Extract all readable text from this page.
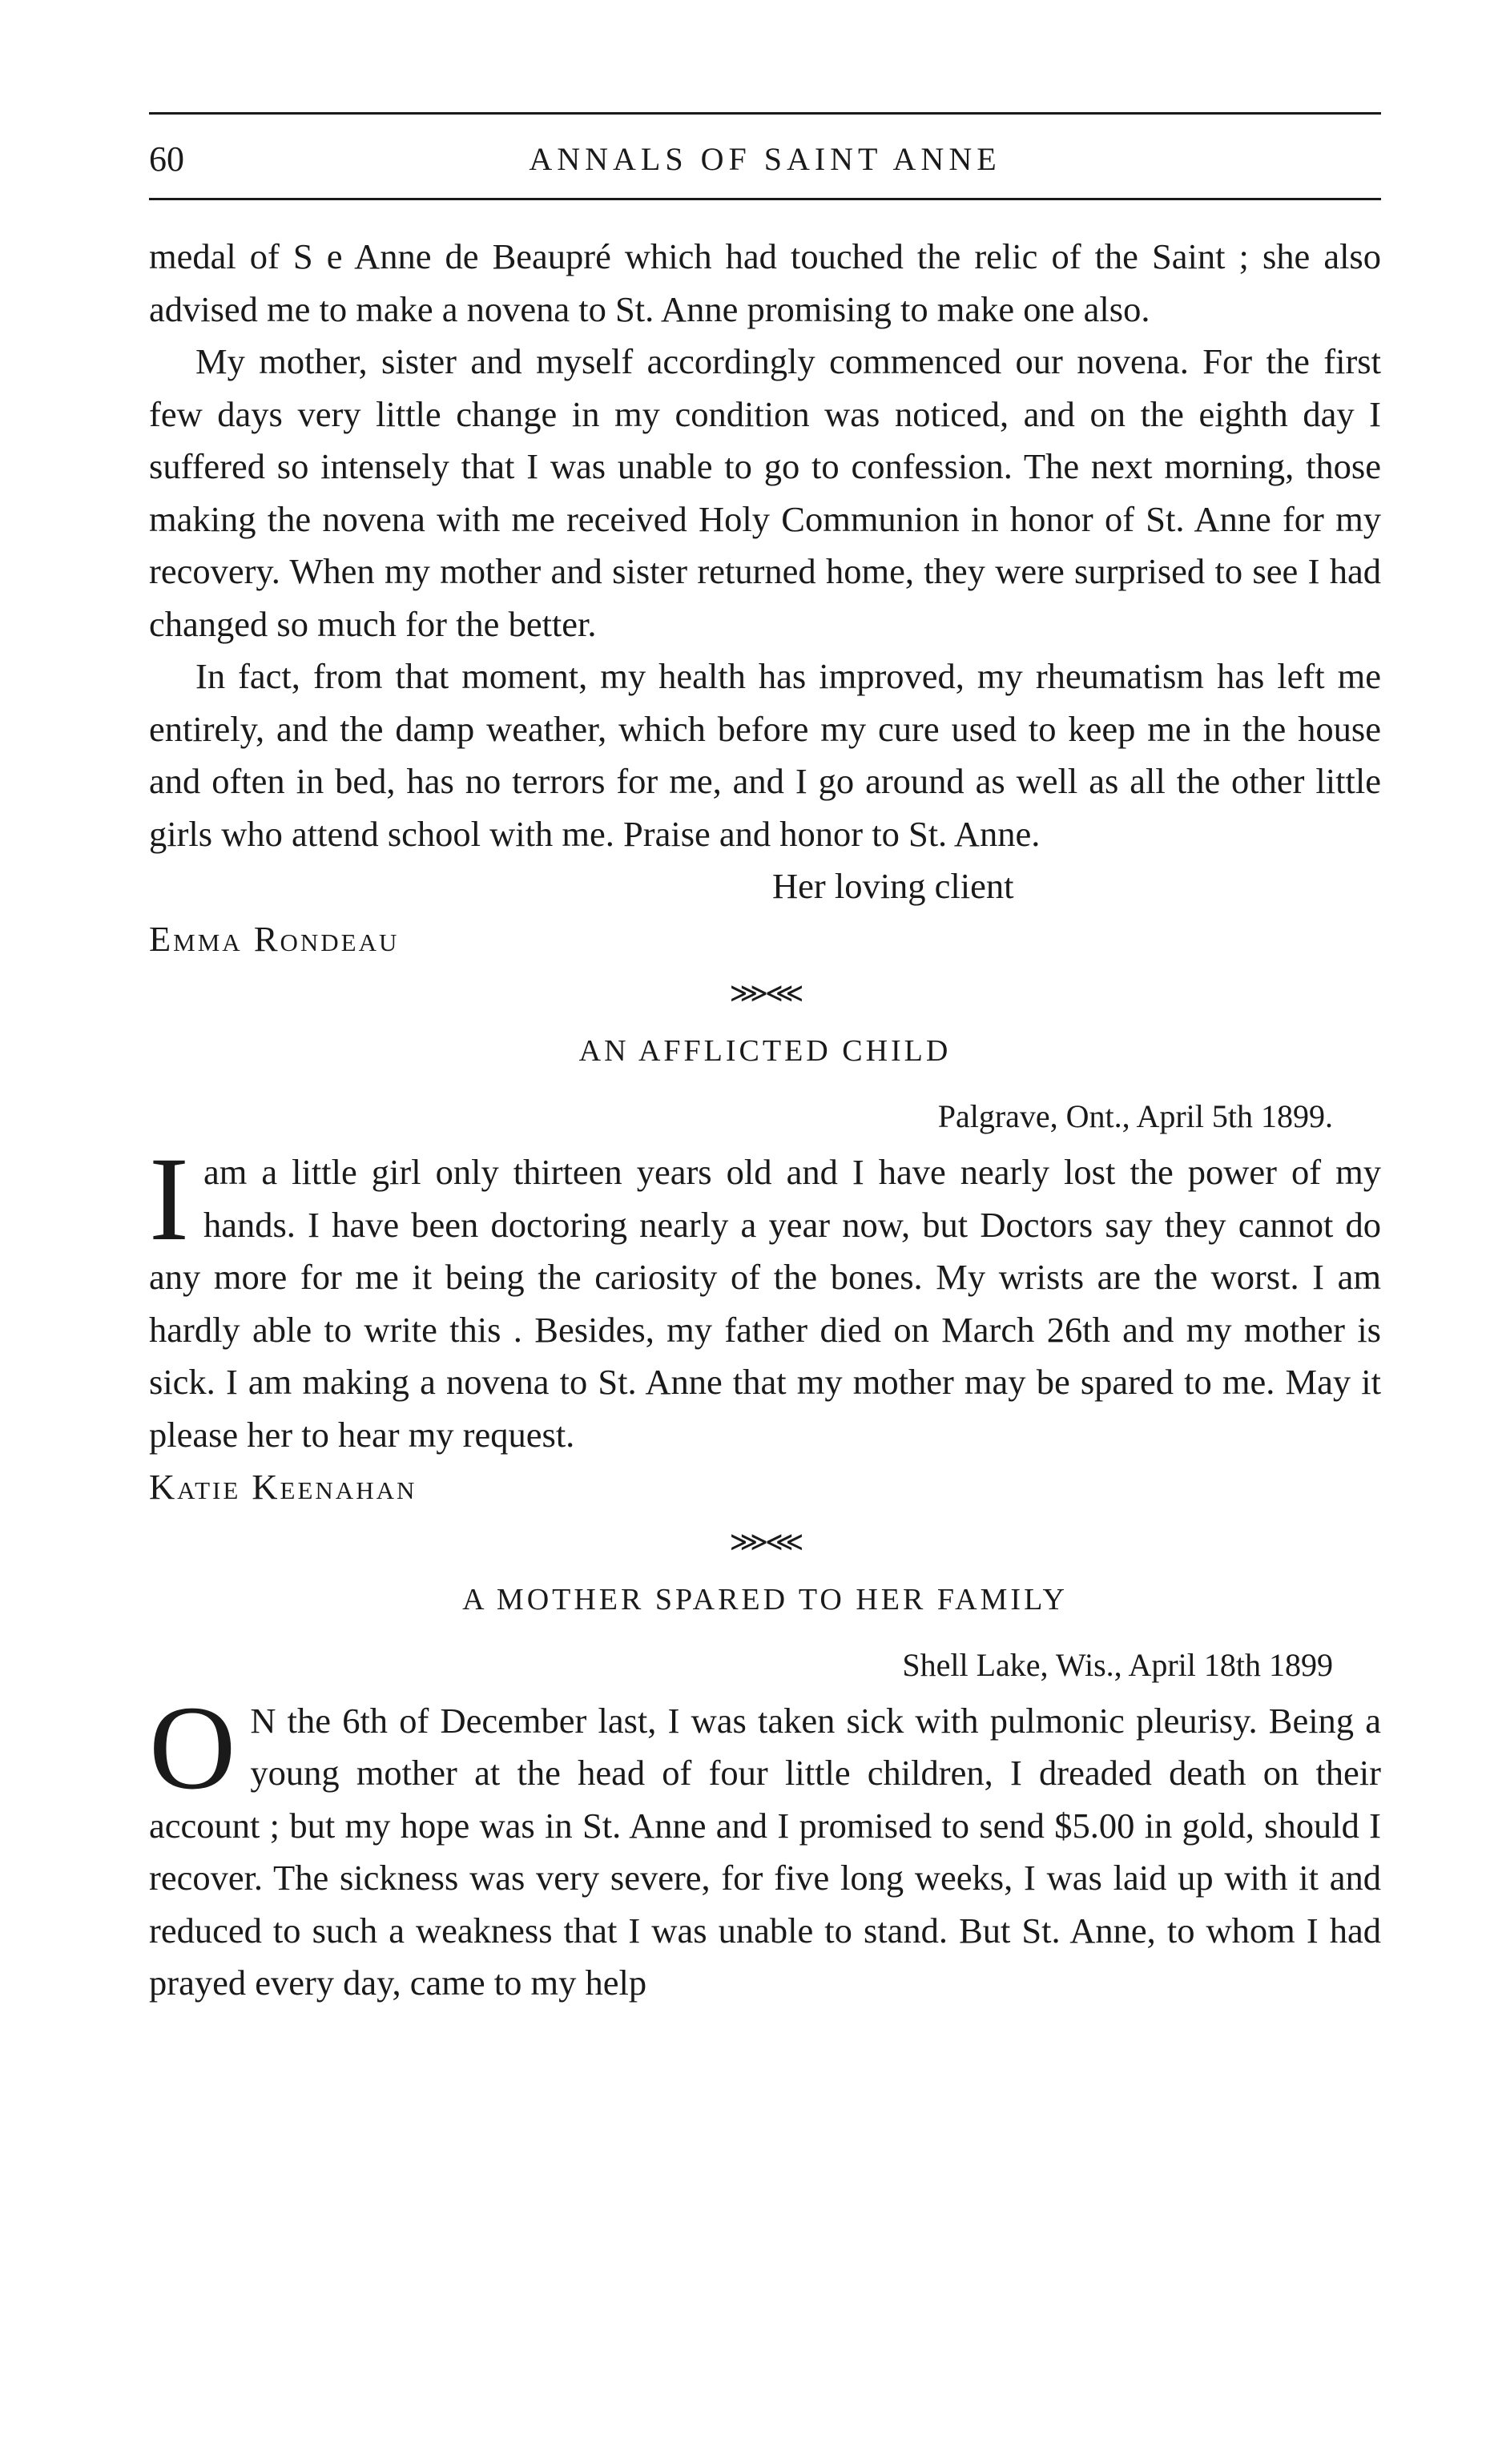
60	ANNALS OF SAINT ANNE

medal of S e Anne de Beaupré which had touched the relic of the Saint ; she also advised me to make a novena to St. Anne promising to make one also.

My mother, sister and myself accordingly commenced our novena. For the first few days very little change in my condition was noticed, and on the eighth day I suffered so intensely that I was unable to go to confession. The next morning, those making the novena with me received Holy Communion in honor of St. Anne for my recovery. When my mother and sister returned home, they were surprised to see I had changed so much for the better.

In fact, from that moment, my health has improved, my rheumatism has left me entirely, and the damp weather, which before my cure used to keep me in the house and often in bed, has no terrors for me, and I go around as well as all the other little girls who attend school with me. Praise and honor to St. Anne.

Her loving client

Emma Rondeau

⋙⋘
AN AFFLICTED CHILD
Palgrave, Ont., April 5th 1899.

Iam a little girl only thirteen years old and I have nearly lost the power of my hands. I have been doctoring nearly a year now, but Doctors say they cannot do any more for me it being the cariosity of the bones. My wrists are the worst. I am hardly able to write this . Besides, my father died on March 26th and my mother is sick. I am making a novena to St. Anne that my mother may be spared to me. May it please her to hear my request.

Katie Keenahan

⋙⋘
A MOTHER SPARED TO HER FAMILY
Shell Lake, Wis., April 18th 1899

O N the 6th of December last, I was taken sick with pulmonic pleurisy. Being a young mother at the head of four little children, I dreaded death on their account ; but my hope was in St. Anne and I promised to send $5.00 in gold, should I recover. The sickness was very severe, for five long weeks, I was laid up with it and reduced to such a weakness that I was unable to stand. But St. Anne, to whom I had prayed every day, came to my help
